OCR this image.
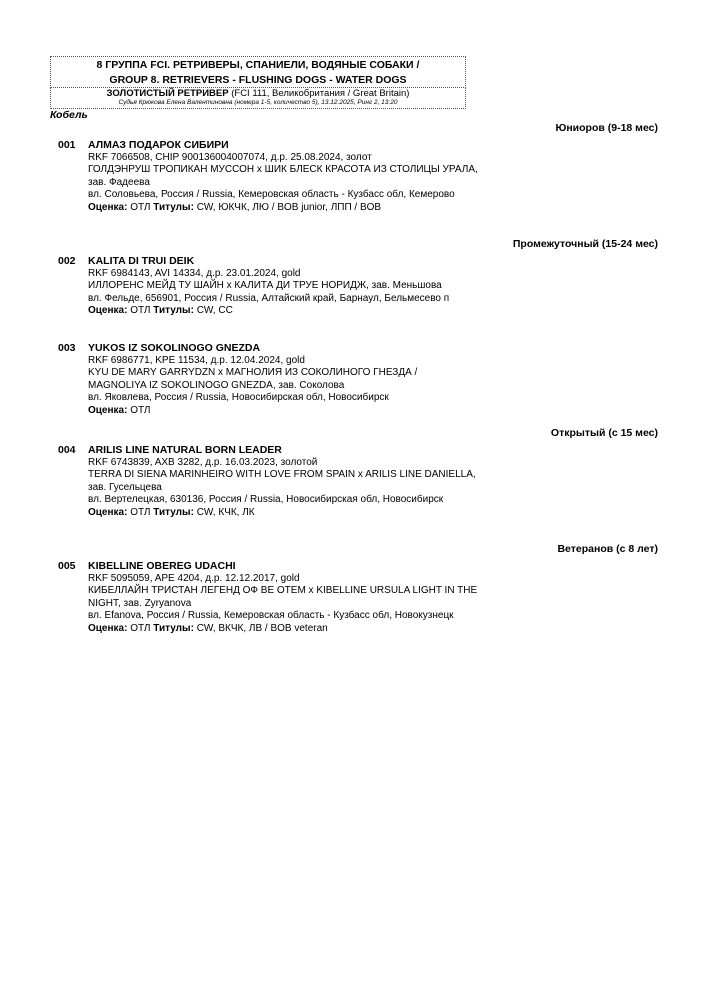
8 ГРУППА FCI. РЕТРИВЕРЫ, СПАНИЕЛИ, ВОДЯНЫЕ СОБАКИ /
GROUP 8. RETRIEVERS - FLUSHING DOGS - WATER DOGS
ЗОЛОТИСТЫЙ РЕТРИВЕР (FCI 111, Великобритания / Great Britain)
Судья Крюкова Елена Валентиновна (номера 1-5, количество 5), 13.12.2025, Ринг 2, 13:20
Кобель
Юниоров (9-18 мес)
001 АЛМАЗ ПОДАРОК СИБИРИ
RKF 7066508, CHIP 900136004007074, д.р. 25.08.2024, золот
ГОЛДЭНРУШ ТРОПИКАН МУССОН x ШИК БЛЕСК КРАСОТА ИЗ СТОЛИЦЫ УРАЛА, зав. Фадеева
вл. Соловьева, Россия / Russia, Кемеровская область - Кузбасс обл, Кемерово
Оценка: ОТЛ Титулы: CW, ЮКЧК, ЛЮ / BOB junior, ЛПП / BOB
Промежуточный (15-24 мес)
002 KALITA DI TRUI DEIK
RKF 6984143, AVI 14334, д.р. 23.01.2024, gold
ИЛЛОРЕНС МЕЙД ТУ ШАЙН x КАЛИТА ДИ ТРУЕ НОРИДЖ, зав. Меньшова
вл. Фельде, 656901, Россия / Russia, Алтайский край, Барнаул, Бельмесево п
Оценка: ОТЛ Титулы: CW, CC
003 YUKOS IZ SOKOLINOGO GNEZDA
RKF 6986771, KPE 11534, д.р. 12.04.2024, gold
KYU DE MARY GARRYDZN x МАГНОЛИЯ ИЗ СОКОЛИНОГО ГНЕЗДА / MAGNOLIYA IZ SOKOLINOGO GNEZDA, зав. Соколова
вл. Яковлева, Россия / Russia, Новосибирская обл, Новосибирск
Оценка: ОТЛ
Открытый (с 15 мес)
004 ARILIS LINE NATURAL BORN LEADER
RKF 6743839, AXB 3282, д.р. 16.03.2023, золотой
TERRA DI SIENA MARINHEIRO WITH LOVE FROM SPAIN x ARILIS LINE DANIELLA, зав. Гусельцева
вл. Вертелецкая, 630136, Россия / Russia, Новосибирская обл, Новосибирск
Оценка: ОТЛ Титулы: CW, КЧК, ЛК
Ветеранов (с 8 лет)
005 KIBELLINE OBEREG UDACHI
RKF 5095059, APE 4204, д.р. 12.12.2017, gold
КИБЕЛЛАЙН ТРИСТАН ЛЕГЕНД ОФ ВЕ ОТЕМ x KIBELLINE URSULA LIGHT IN THE NIGHT, зав. Zyryanova
вл. Efanova, Россия / Russia, Кемеровская область - Кузбасс обл, Новокузнецк
Оценка: ОТЛ Титулы: CW, ВКЧК, ЛВ / BOB veteran
